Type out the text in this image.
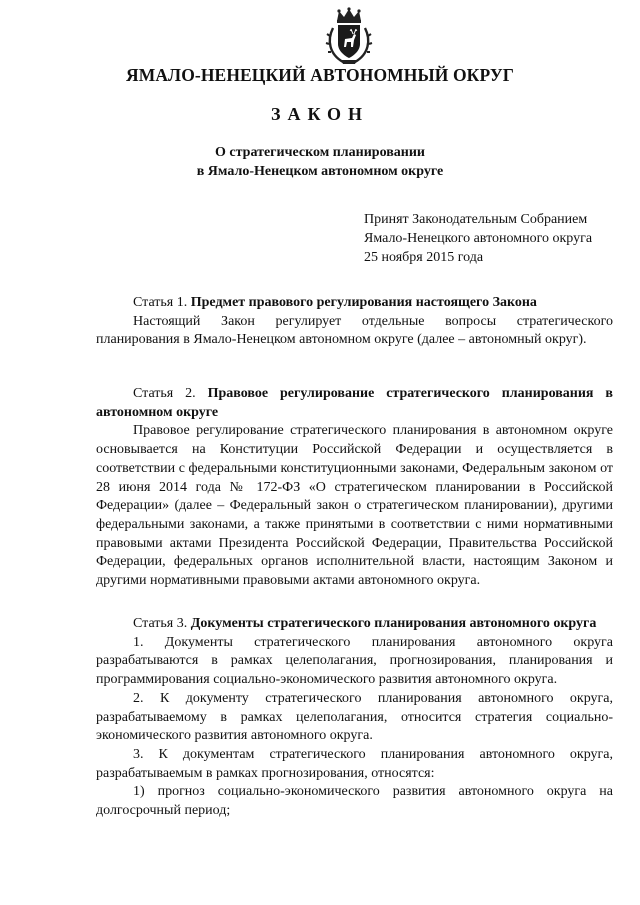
ЯМАЛО-НЕНЕЦКИЙ АВТОНОМНЫЙ ОКРУГ
ЗАКОН
О стратегическом планировании
в Ямало-Ненецком автономном округе
Принят Законодательным Собранием
Ямало-Ненецкого автономного округа
25 ноября 2015 года

Статья 1. Предмет правового регулирования настоящего Закона

Настоящий Закон регулирует отдельные вопросы стратегического планирования в Ямало-Ненецком автономном округе (далее – автономный округ).

Статья 2. Правовое регулирование стратегического планирования в автономном округе

Правовое регулирование стратегического планирования в автономном округе основывается на Конституции Российской Федерации и осуществляется в соответствии с федеральными конституционными законами, Федеральным законом от 28 июня 2014 года № 172-ФЗ «О стратегическом планировании в Российской Федерации» (далее – Федеральный закон о стратегическом планировании), другими федеральными законами, а также принятыми в соответствии с ними нормативными правовыми актами Президента Российской Федерации, Правительства Российской Федерации, федеральных органов исполнительной власти, настоящим Законом и другими нормативными правовыми актами автономного округа.

Статья 3. Документы стратегического планирования автономного округа

1. Документы стратегического планирования автономного округа разрабатываются в рамках целеполагания, прогнозирования, планирования и программирования социально-экономического развития автономного округа.

2. К документу стратегического планирования автономного округа, разрабатываемому в рамках целеполагания, относится стратегия социально-экономического развития автономного округа.

3. К документам стратегического планирования автономного округа, разрабатываемым в рамках прогнозирования, относятся:

1) прогноз социально-экономического развития автономного округа на долгосрочный период;
